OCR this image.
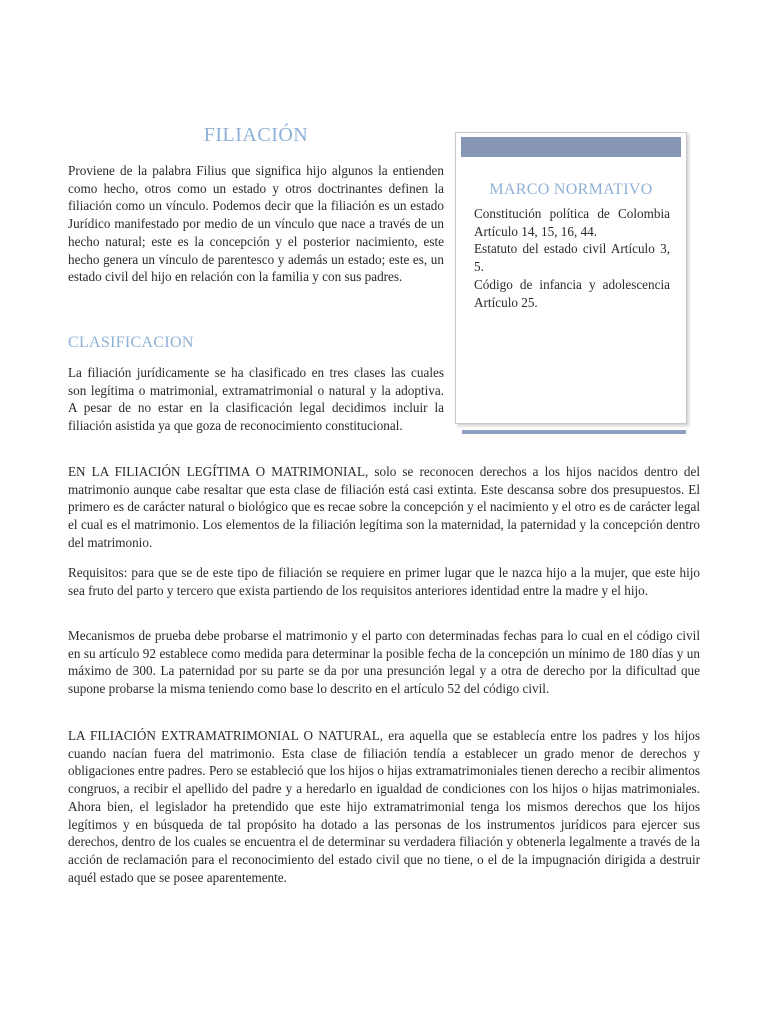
FILIACIÓN

Proviene de la palabra Filius que significa hijo algunos la entienden como hecho, otros como un estado y otros doctrinantes definen la filiación como un vínculo. Podemos decir que la filiación es un estado Jurídico manifestado por medio de un vínculo que nace a través de un hecho natural; este es la concepción y el posterior nacimiento, este hecho genera un vínculo de parentesco y además un estado; este es, un estado civil del hijo en relación con la familia y con sus padres.

CLASIFICACION

La filiación jurídicamente se ha clasificado en tres clases las cuales son legítima o matrimonial, extramatrimonial o natural y la adoptiva. A pesar de no estar en la clasificación legal decidimos incluir la filiación asistida ya que goza de reconocimiento constitucional.

MARCO NORMATIVO
Constitución política de Colombia Artículo 14, 15, 16, 44.
Estatuto del estado civil Artículo 3, 5.
Código de infancia y adolescencia Artículo 25.

EN LA FILIACIÓN LEGÍTIMA O MATRIMONIAL, solo se reconocen derechos a los hijos nacidos dentro del matrimonio aunque cabe resaltar que esta clase de filiación está casi extinta. Este descansa sobre dos presupuestos. El primero es de carácter natural o biológico que es recae sobre la concepción y el nacimiento y el otro es de carácter legal el cual es el matrimonio. Los elementos de la filiación legítima son la maternidad, la paternidad y la concepción dentro del matrimonio.

Requisitos: para que se de este tipo de filiación se requiere en primer lugar que le nazca hijo a la mujer, que este hijo sea fruto del parto y tercero que exista partiendo de los requisitos anteriores identidad entre la madre y el hijo.

Mecanismos de prueba debe probarse el matrimonio y el parto con determinadas fechas para lo cual en el código civil en su artículo 92 establece como medida para determinar la posible fecha de la concepción un mínimo de 180 días y un máximo de 300. La paternidad por su parte se da por una presunción legal y a otra de derecho por la dificultad que supone probarse la misma teniendo como base lo descrito en el artículo 52 del código civil.

LA FILIACIÓN EXTRAMATRIMONIAL O NATURAL, era aquella que se establecía entre los padres y los hijos cuando nacían fuera del matrimonio. Esta clase de filiación tendía a establecer un grado menor de derechos y obligaciones entre padres. Pero se estableció que los hijos o hijas extramatrimoniales tienen derecho a recibir alimentos congruos, a recibir el apellido del padre y a heredarlo en igualdad de condiciones con los hijos o hijas matrimoniales. Ahora bien, el legislador ha pretendido que este hijo extramatrimonial tenga los mismos derechos que los hijos legítimos y en búsqueda de tal propósito ha dotado a las personas de los instrumentos jurídicos para ejercer sus derechos, dentro de los cuales se encuentra el de determinar su verdadera filiación y obtenerla legalmente a través de la acción de reclamación para el reconocimiento del estado civil que no tiene, o el de la impugnación dirigida a destruir aquél estado que se posee aparentemente.
